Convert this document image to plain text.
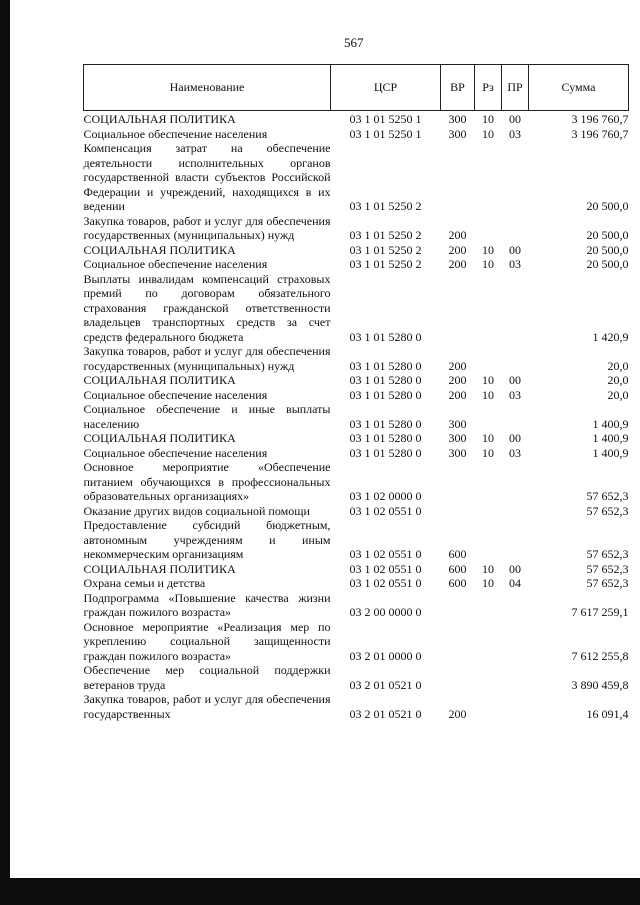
567
Наименование	ЦСР	ВР	Рз	ПР	Сумма
СОЦИАЛЬНАЯ ПОЛИТИКА	03 1 01 5250 1	300	10	00	3 196 760,7
Социальное обеспечение населения	03 1 01 5250 1	300	10	03	3 196 760,7
Компенсация затрат на обеспечение деятельности исполнительных органов государственной власти субъектов Российской Федерации и учреждений, находящихся в их ведении	03 1 01 5250 2				20 500,0
Закупка товаров, работ и услуг для обеспечения государственных (муниципальных) нужд	03 1 01 5250 2	200			20 500,0
СОЦИАЛЬНАЯ ПОЛИТИКА	03 1 01 5250 2	200	10	00	20 500,0
Социальное обеспечение населения	03 1 01 5250 2	200	10	03	20 500,0
Выплаты инвалидам компенсаций страховых премий по договорам обязательного страхования гражданской ответственности владельцев транспортных средств за счет средств федерального бюджета	03 1 01 5280 0				1 420,9
Закупка товаров, работ и услуг для обеспечения государственных (муниципальных) нужд	03 1 01 5280 0	200			20,0
СОЦИАЛЬНАЯ ПОЛИТИКА	03 1 01 5280 0	200	10	00	20,0
Социальное обеспечение населения	03 1 01 5280 0	200	10	03	20,0
Социальное обеспечение и иные выплаты населению	03 1 01 5280 0	300			1 400,9
СОЦИАЛЬНАЯ ПОЛИТИКА	03 1 01 5280 0	300	10	00	1 400,9
Социальное обеспечение населения	03 1 01 5280 0	300	10	03	1 400,9
Основное мероприятие «Обеспечение питанием обучающихся в профессиональных образовательных организациях»	03 1 02 0000 0				57 652,3
Оказание других видов социальной помощи	03 1 02 0551 0				57 652,3
Предоставление субсидий бюджетным, автономным учреждениям и иным некоммерческим организациям	03 1 02 0551 0	600			57 652,3
СОЦИАЛЬНАЯ ПОЛИТИКА	03 1 02 0551 0	600	10	00	57 652,3
Охрана семьи и детства	03 1 02 0551 0	600	10	04	57 652,3
Подпрограмма «Повышение качества жизни граждан пожилого возраста»	03 2 00 0000 0				7 617 259,1
Основное мероприятие «Реализация мер по укреплению социальной защищенности граждан пожилого возраста»	03 2 01 0000 0				7 612 255,8
Обеспечение мер социальной поддержки ветеранов труда	03 2 01 0521 0				3 890 459,8
Закупка товаров, работ и услуг для обеспечения государственных	03 2 01 0521 0	200			16 091,4
